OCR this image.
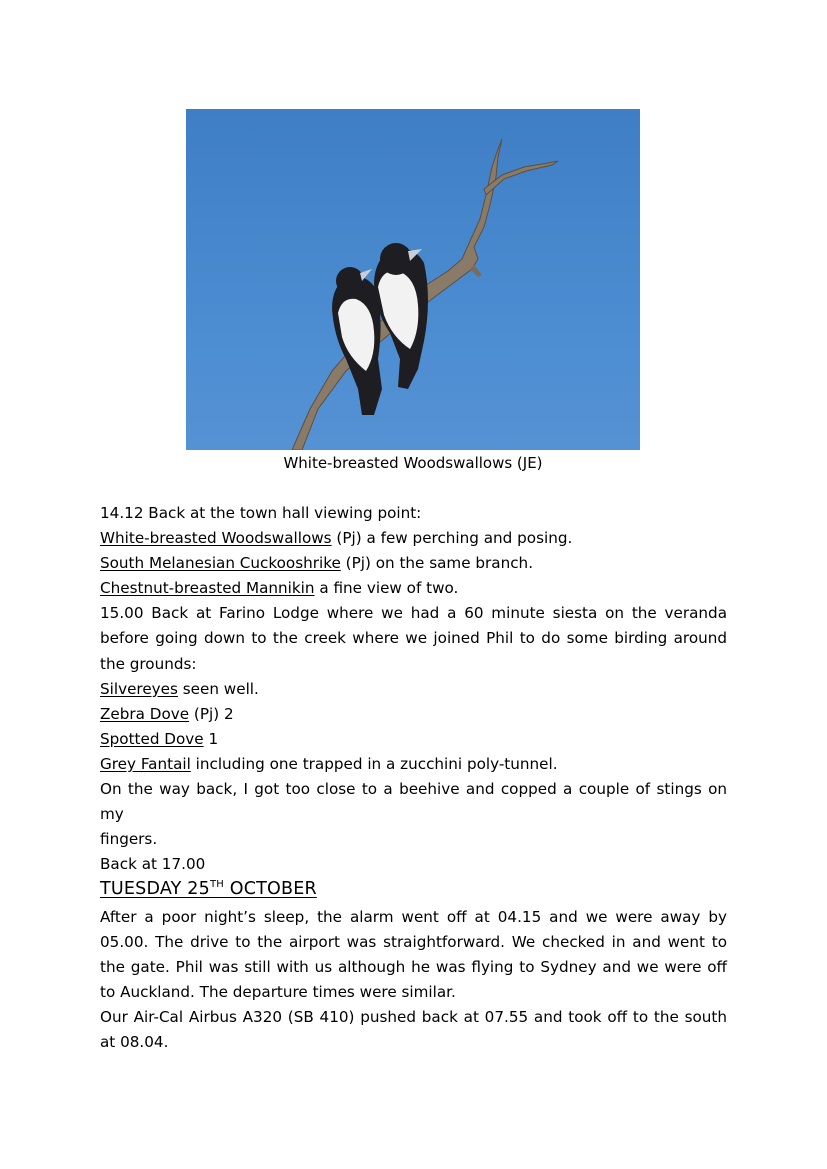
White-breasted Woodswallows (JE)

14.12 Back at the town hall viewing point:

White-breasted Woodswallows (Pj) a few perching and posing.

South Melanesian Cuckooshrike (Pj) on the same branch.

Chestnut-breasted Mannikin a fine view of two.

15.00 Back at Farino Lodge where we had a 60 minute siesta on the veranda

before going down to the creek where we joined Phil to do some birding around

the grounds:

Silvereyes seen well.

Zebra Dove (Pj) 2

Spotted Dove 1

Grey Fantail including one trapped in a zucchini poly-tunnel.

On the way back, I got too close to a beehive and copped a couple of stings on my

fingers.

Back at 17.00

TUESDAY 25TH OCTOBER

After a poor night’s sleep, the alarm went off at 04.15 and we were away by

05.00. The drive to the airport was straightforward. We checked in and went to

the gate. Phil was still with us although he was flying to Sydney and we were off

to Auckland. The departure times were similar.

Our Air-Cal Airbus A320 (SB 410) pushed back at 07.55 and took off to the south

at 08.04.
